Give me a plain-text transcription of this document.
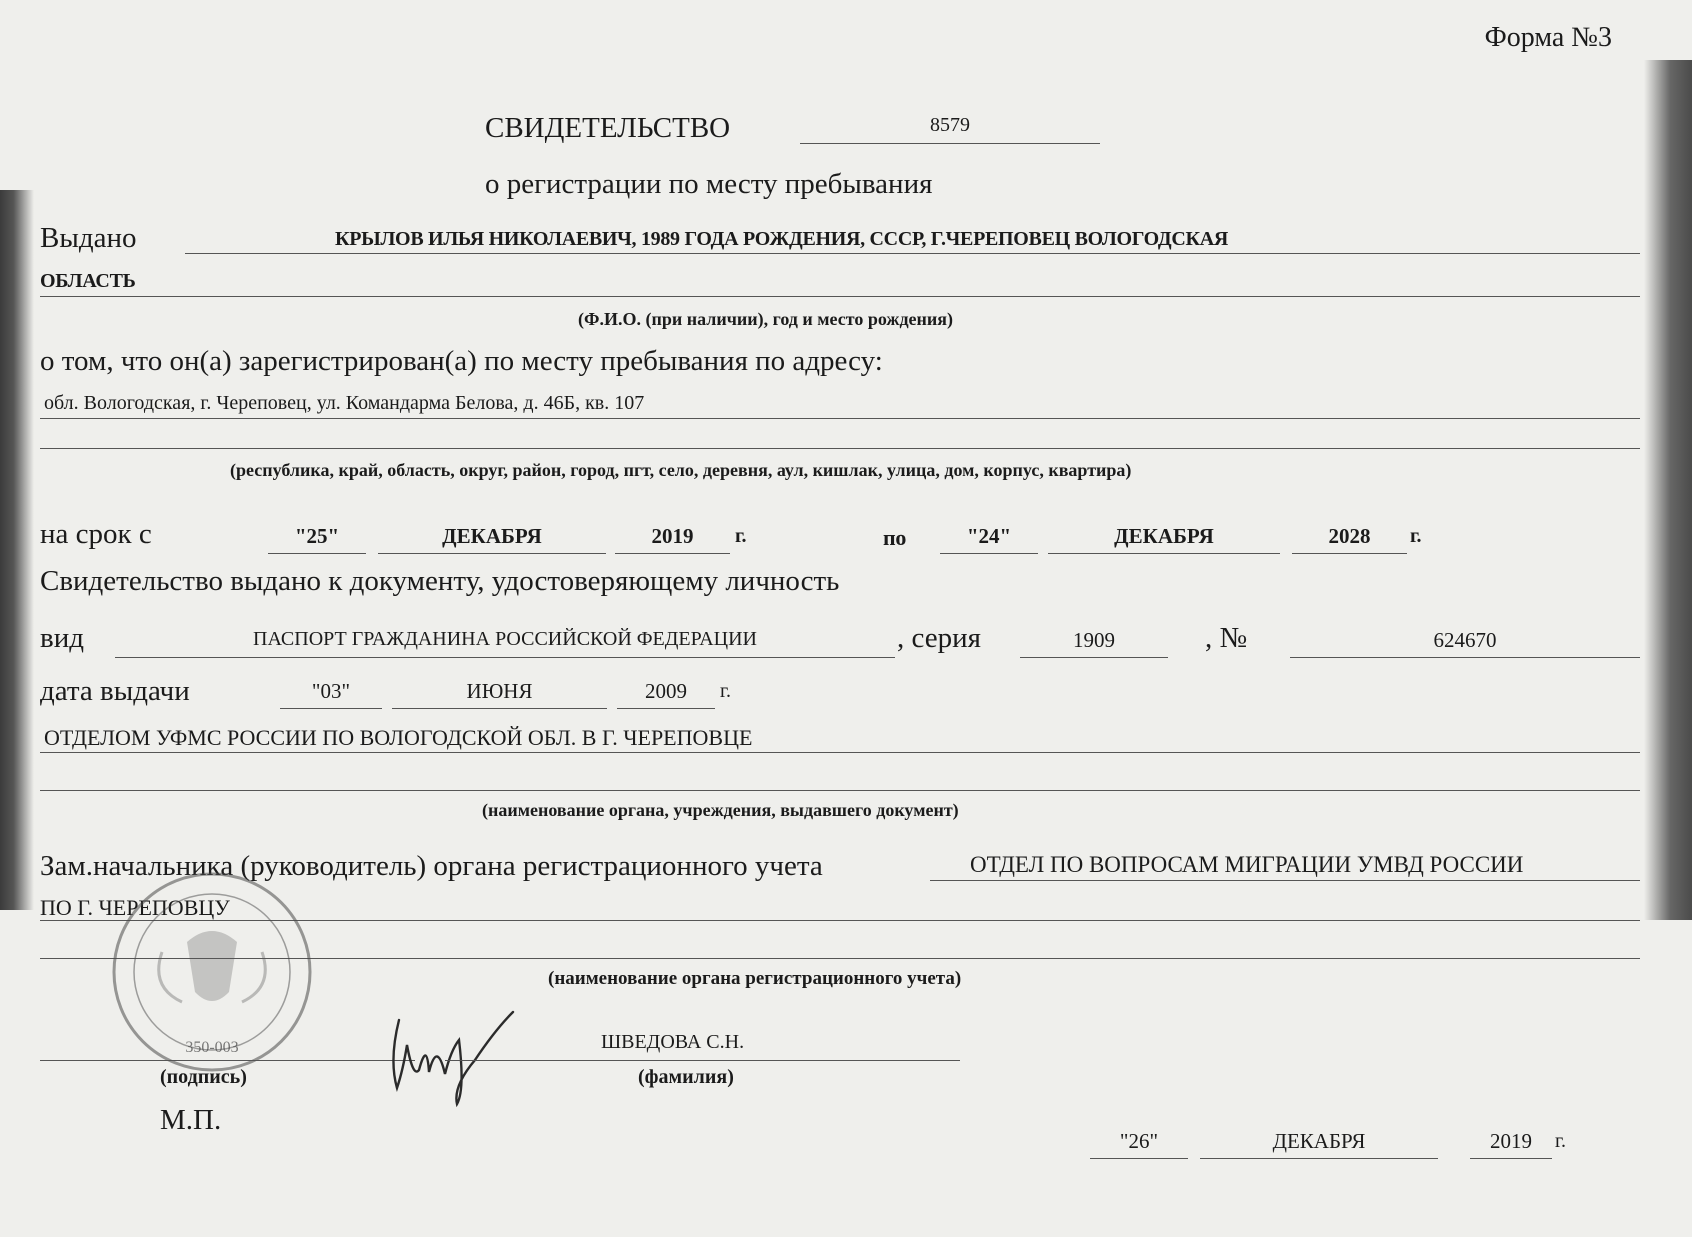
Форма №3
СВИДЕТЕЛЬСТВО	8579
о регистрации по месту пребывания
Выдано	КРЫЛОВ ИЛЬЯ НИКОЛАЕВИЧ, 1989 ГОДА РОЖДЕНИЯ, СССР, Г.ЧЕРЕПОВЕЦ ВОЛОГОДСКАЯ
ОБЛАСТЬ
(Ф.И.О. (при наличии), год и место рождения)
о том, что он(а) зарегистрирован(а) по месту пребывания по адресу:
обл. Вологодская, г. Череповец, ул. Командарма Белова, д. 46Б, кв. 107
(республика, край, область, округ, район, город, пгт, село, деревня, аул, кишлак, улица, дом, корпус, квартира)
на срок с	"25"	ДЕКАБРЯ	2019	г.	по	"24"	ДЕКАБРЯ	2028	г.
Свидетельство выдано к документу, удостоверяющему личность
вид	ПАСПОРТ ГРАЖДАНИНА РОССИЙСКОЙ ФЕДЕРАЦИИ	, серия	1909	, №	624670
дата выдачи	"03"	ИЮНЯ	2009	г.
ОТДЕЛОМ УФМС РОССИИ ПО ВОЛОГОДСКОЙ ОБЛ. В Г. ЧЕРЕПОВЦЕ
(наименование органа, учреждения, выдавшего документ)
Зам.начальника (руководитель) органа регистрационного учета	ОТДЕЛ ПО ВОПРОСАМ МИГРАЦИИ УМВД РОССИИ
ПО Г. ЧЕРЕПОВЦУ
(наименование органа регистрационного учета)
350-003	ШВЕДОВА С.Н.
(подпись)	(фамилия)
М.П.
"26"	ДЕКАБРЯ	2019	г.
